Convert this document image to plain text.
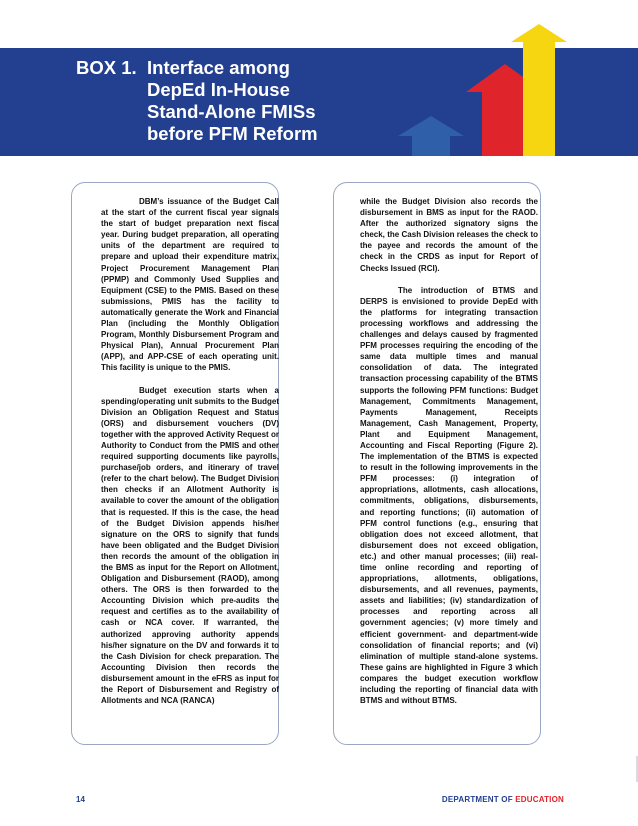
BOX 1. Interface among
DepEd In-House
Stand-Alone FMISs
before PFM Reform

DBM’s issuance of the Budget Call at the start of the current fiscal year signals the start of budget preparation next fiscal year. During budget preparation, all operating units of the department are required to prepare and upload their expenditure matrix, Project Procurement Management Plan (PPMP) and Commonly Used Supplies and Equipment (CSE) to the PMIS. Based on these submissions, PMIS has the facility to automatically generate the Work and Financial Plan (including the Monthly Obligation Program, Monthly Disbursement Program and Physical Plan), Annual Procurement Plan (APP), and APP-CSE of each operating unit. This facility is unique to the PMIS.

Budget execution starts when a spending/operating unit submits to the Budget Division an Obligation Request and Status (ORS) and disbursement vouchers (DV) together with the approved Activity Request or Authority to Conduct from the PMIS and other required supporting documents like payrolls, purchase/job orders, and itinerary of travel (refer to the chart below). The Budget Division then checks if an Allotment Authority is available to cover the amount of the obligation that is requested. If this is the case, the head of the Budget Division appends his/her signature on the ORS to signify that funds have been obligated and the Budget Division then records the amount of the obligation in the BMS as input for the Report on Allotment, Obligation and Disbursement (RAOD), among others. The ORS is then forwarded to the Accounting Division which pre-audits the request and certifies as to the availability of cash or NCA cover. If warranted, the authorized approving authority appends his/her signature on the DV and forwards it to the Cash Division for check preparation. The Accounting Division then records the disbursement amount in the eFRS as input for the Report of Disbursement and Registry of Allotments and NCA (RANCA)

while the Budget Division also records the disbursement in BMS as input for the RAOD. After the authorized signatory signs the check, the Cash Division releases the check to the payee and records the amount of the check in the CRDS as input for Report of Checks Issued (RCI).

The introduction of BTMS and DERPS is envisioned to provide DepEd with the platforms for integrating transaction processing workflows and addressing the challenges and delays caused by fragmented PFM processes requiring the encoding of the same data multiple times and manual consolidation of data. The integrated transaction processing capability of the BTMS supports the following PFM functions: Budget Management, Commitments Management, Payments Management, Receipts Management, Cash Management, Property, Plant and Equipment Management, Accounting and Fiscal Reporting (Figure 2). The implementation of the BTMS is expected to result in the following improvements in the PFM processes: (i) integration of appropriations, allotments, cash allocations, commitments, obligations, disbursements, and reporting functions; (ii) automation of PFM control functions (e.g., ensuring that obligation does not exceed allotment, that disbursement does not exceed obligation, etc.) and other manual processes; (iii) real-time online recording and reporting of appropriations, allotments, obligations, disbursements, and all revenues, payments, assets and liabilities; (iv) standardization of processes and reporting across all government agencies; (v) more timely and efficient government- and department-wide consolidation of financial reports; and (vi) elimination of multiple stand-alone systems. These gains are highlighted in Figure 3 which compares the budget execution workflow including the reporting of financial data with BTMS and without BTMS.

14	DEPARTMENT OF EDUCATION
